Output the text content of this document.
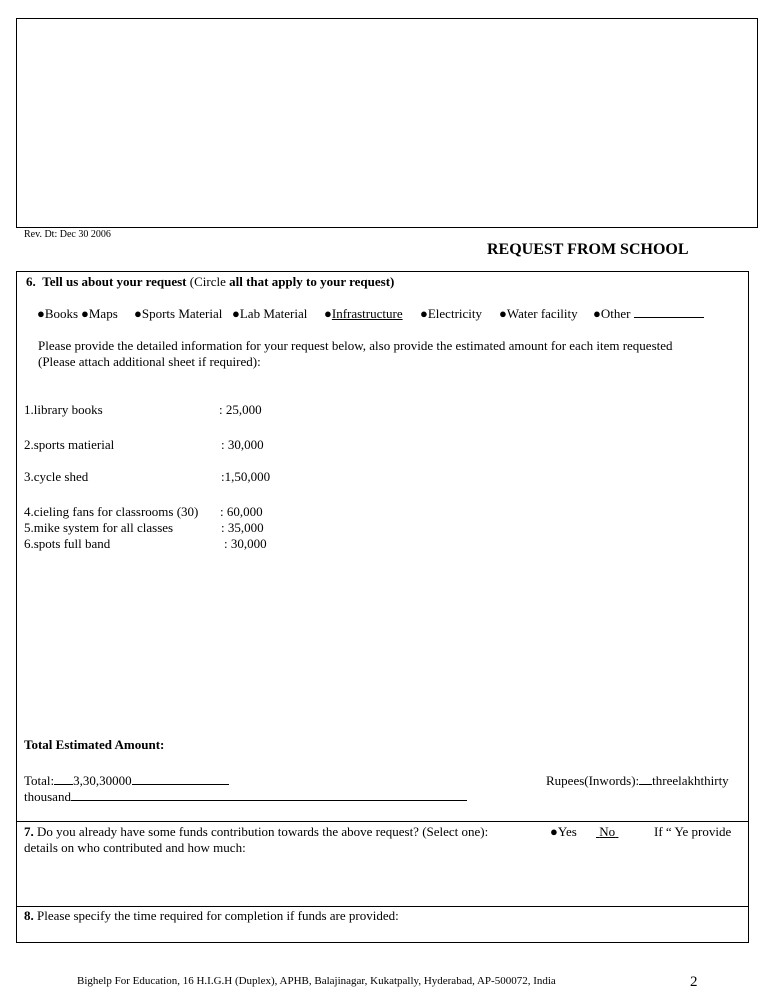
Rev. Dt: Dec 30 2006
REQUEST FROM SCHOOL
6. Tell us about your request (Circle all that apply to your request)
●Books ●Maps ●Sports Material ●Lab Material ●Infrastructure ●Electricity ●Water facility ●Other
Please provide the detailed information for your request below, also provide the estimated amount for each item requested
(Please attach additional sheet if required):
1.library books	: 25,000
2.sports matierial	: 30,000
3.cycle shed	:1,50,000
4.cieling fans for classrooms (30) : 60,000
5.mike system for all classes	: 35,000
6.spots full band	: 30,000
Total Estimated Amount:
Total: 3,30,30000	Rupees(Inwords): threelakhthirty
thousand
7. Do you already have some funds contribution towards the above request? (Select one):	●Yes No	If “ Ye provide
details on who contributed and how much:
8. Please specify the time required for completion if funds are provided:
Bighelp For Education, 16 H.I.G.H (Duplex), APHB, Balajinagar, Kukatpally, Hyderabad, AP-500072, India	2
